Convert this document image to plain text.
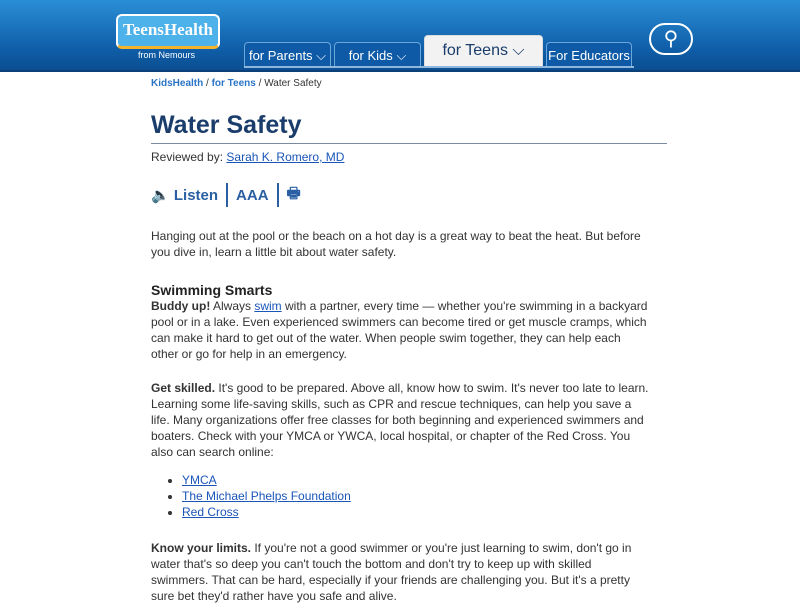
TeensHealth
from Nemours	for Parents ⌵	for Kids ⌵	for Teens ⌵	For Educators
⚲
KidsHealth / for Teens / Water Safety
Water Safety
Reviewed by: Sarah K. Romero, MD
🔈 Listen AAA 🖶

Hanging out at the pool or the beach on a hot day is a great way to beat the heat. But before you dive in, learn a little bit about water safety.

Swimming Smarts

Buddy up! Always swim with a partner, every time — whether you're swimming in a backyard pool or in a lake. Even experienced swimmers can become tired or get muscle cramps, which can make it hard to get out of the water. When people swim together, they can help each other or go for help in an emergency.

Get skilled. It's good to be prepared. Above all, know how to swim. It's never too late to learn. Learning some life-saving skills, such as CPR and rescue techniques, can help you save a life. Many organizations offer free classes for both beginning and experienced swimmers and boaters. Check with your YMCA or YWCA, local hospital, or chapter of the Red Cross. You also can search online:

• YMCA
• The Michael Phelps Foundation
• Red Cross

Know your limits. If you're not a good swimmer or you're just learning to swim, don't go in water that's so deep you can't touch the bottom and don't try to keep up with skilled swimmers. That can be hard, especially if your friends are challenging you. But it's a pretty sure bet they'd rather have you safe and alive.
